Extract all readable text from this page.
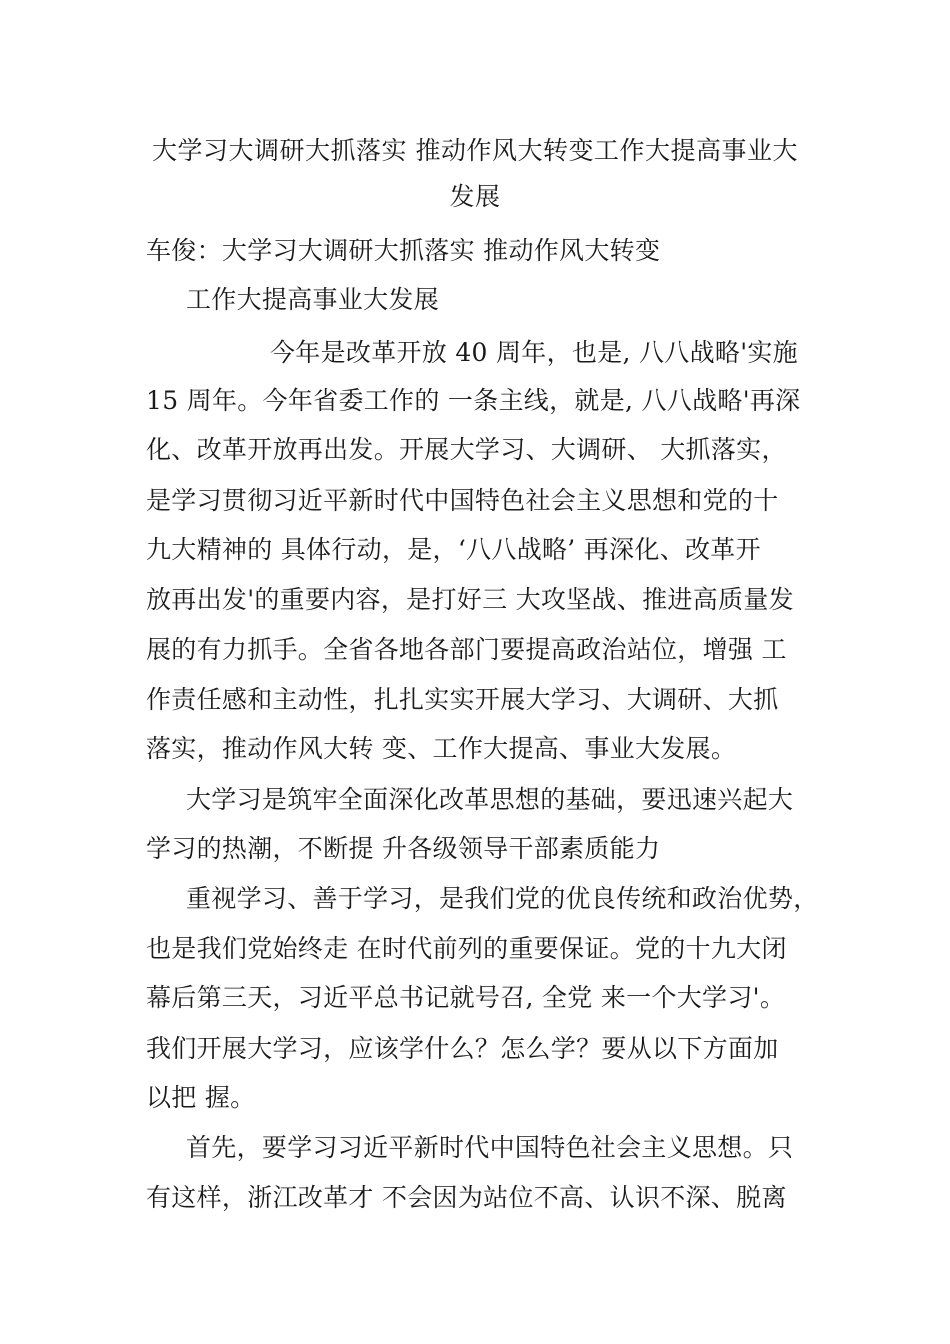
大学习大调研大抓落实 推动作风大转变工作大提高事业大
发展
车俊：大学习大调研大抓落实 推动作风大转变
工作大提高事业大发展
今年是改革开放 40 周年，也是, 八八战略'实施
15 周年。今年省委工作的 一条主线，就是, 八八战略'再深
化、改革开放再出发。开展大学习、大调研、 大抓落实，
是学习贯彻习近平新时代中国特色社会主义思想和党的十
九大精神的 具体行动，是，‘八八战略’ 再深化、改革开
放再出发'的重要内容，是打好三 大攻坚战、推进高质量发
展的有力抓手。全省各地各部门要提高政治站位，增强 工
作责任感和主动性，扎扎实实开展大学习、大调研、大抓
落实，推动作风大转 变、工作大提高、事业大发展。
大学习是筑牢全面深化改革思想的基础，要迅速兴起大
学习的热潮，不断提 升各级领导干部素质能力
重视学习、善于学习，是我们党的优良传统和政治优势，
也是我们党始终走 在时代前列的重要保证。党的十九大闭
幕后第三天，习近平总书记就号召, 全党 来一个大学习'。
我们开展大学习，应该学什么？怎么学？要从以下方面加
以把 握。
首先，要学习习近平新时代中国特色社会主义思想。只
有这样，浙江改革才 不会因为站位不高、认识不深、脱离
